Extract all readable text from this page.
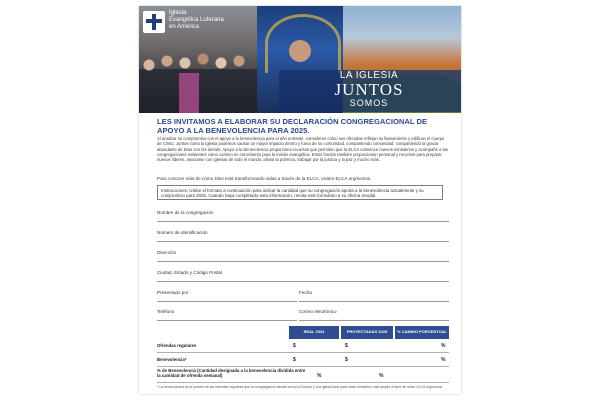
Iglesia
Evangélica Luterana
en América
LA IGLESIA
JUNTOS
SOMOS
LES INVITAMOS A ELABORAR SU DECLARACIÓN CONGREGACIONAL DE APOYO A LA BENEVOLENCIA PARA 2025.
Al analizar su compromiso con el apoyo a la benevolencia para el año entrante, consideren cómo sus ofrendas reflejan su llamamiento y edifican el cuerpo de Cristo. Juntos como la iglesia podemos causar un mayor impacto dentro y fuera de su comunidad, compartiendo comunidad, compartiendo la gracia abundante de Dios con los demás. Apoyo a la Benevolencia proporciona recursos que permiten que la ELCA comience nuevos ministerios y acompañe a las congregaciones existentes como camino en crecimiento para la misión evangélica. Estos fondos también proporcionan personal y recursos para preparar nuevos líderes, asociarse con iglesias de todo el mundo, aliviar la pobreza, trabajar por la justicia y la paz y mucho más.
Para conocer más de cómo Dios está transformando vidas a través de la ELCA, visiten ELCA.org/somos.
Instrucciones: Utilice el formato a continuación para indicar la cantidad que su congregación aporta a la benevolencia actualmente y su compromiso para 2025. Cuando haya completado esta información, remita este formulario a su oficina sinodal.
Nombre de la congregación
Número de identificación
Dirección
Ciudad, Estado y Código Postal
Presentado por	Fecha
Teléfono	Correo electrónico
REAL 2024	PROYECTADAS 2025	% CAMBIO PORCENTUAL
Ofrendas regulares	$	$	%
Benevolencia*	$	$	%
% de Benevolencia (Cantidad designada a la benevolencia dividida entre la cantidad de ofrenda semanal)	%	%
* La benevolencia es la porción de las ofrendas regulares que su congregación decide enviar al Sínodo y a la iglesia toda para hacer ministerio más amplio a favor de otras. ELCA.org/somos
